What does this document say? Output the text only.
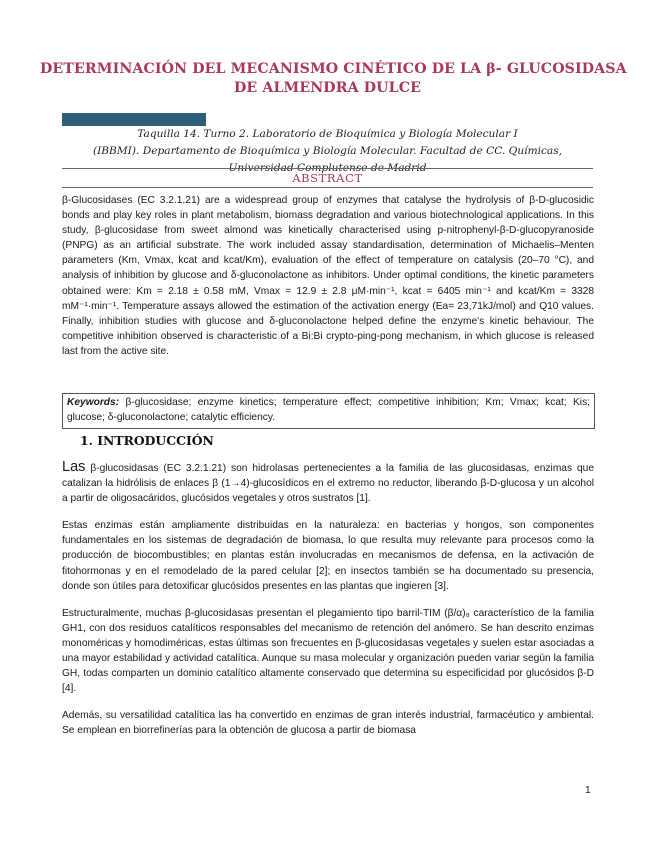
DETERMINACIÓN DEL MECANISMO CINÉTICO DE LA β- GLUCOSIDASA
DE ALMENDRA DULCE
Taquilla 14. Turno 2. Laboratorio de Bioquímica y Biología Molecular I
(IBBMI). Departamento de Bioquímica y Biología Molecular. Facultad de CC. Químicas,
Universidad Complutense de Madrid
ABSTRACT

β-Glucosidases (EC 3.2.1.21) are a widespread group of enzymes that catalyse the hydrolysis of β-D-glucosidic bonds and play key roles in plant metabolism, biomass degradation and various biotechnological applications. In this study, β-glucosidase from sweet almond was kinetically characterised using p-nitrophenyl-β-D-glucopyranoside (PNPG) as an artificial substrate. The work included assay standardisation, determination of Michaelis–Menten parameters (Km, Vmax, kcat and kcat/Km), evaluation of the effect of temperature on catalysis (20–70 °C), and analysis of inhibition by glucose and δ-gluconolactone as inhibitors. Under optimal conditions, the kinetic parameters obtained were: Km = 2.18 ± 0.58 mM, Vmax = 12.9 ± 2.8 μM·min⁻¹, kcat = 6405 min⁻¹ and kcat/Km = 3328 mM⁻¹·min⁻¹. Temperature assays allowed the estimation of the activation energy (Ea= 23,71kJ/mol) and Q10 values. Finally, inhibition studies with glucose and δ-gluconolactone helped define the enzyme's kinetic behaviour. The competitive inhibition observed is characteristic of a Bi:Bi crypto-ping-pong mechanism, in which glucose is released last from the active site.

Keywords: β-glucosidase; enzyme kinetics; temperature effect; competitive inhibition; Km; Vmax; kcat; Kis; glucose; δ-gluconolactone; catalytic efficiency.
1. INTRODUCCIÓN

Las β-glucosidasas (EC 3.2.1.21) son hidrolasas pertenecientes a la familia de las glucosidasas, enzimas que catalizan la hidrólisis de enlaces β (1→4)-glucosídicos en el extremo no reductor, liberando β-D-glucosa y un alcohol a partir de oligosacáridos, glucósidos vegetales y otros sustratos [1].

Estas enzimas están ampliamente distribuidas en la naturaleza: en bacterias y hongos, son componentes fundamentales en los sistemas de degradación de biomasa, lo que resulta muy relevante para procesos como la producción de biocombustibles; en plantas están involucradas en mecanismos de defensa, en la activación de fitohormonas y en el remodelado de la pared celular [2]; en insectos también se ha documentado su presencia, donde son útiles para detoxificar glucósidos presentes en las plantas que ingieren [3].

Estructuralmente, muchas β-glucosidasas presentan el plegamiento tipo barril-TIM (β/α)₈ característico de la familia GH1, con dos residuos catalíticos responsables del mecanismo de retención del anómero. Se han descrito enzimas monoméricas y homodiméricas, estas últimas son frecuentes en β-glucosidasas vegetales y suelen estar asociadas a una mayor estabilidad y actividad catalítica. Aunque su masa molecular y organización pueden variar según la familia GH, todas comparten un dominio catalítico altamente conservado que determina su especificidad por glucósidos β-D [4].

Además, su versatilidad catalítica las ha convertido en enzimas de gran interés industrial, farmacéutico y ambiental. Se emplean en biorrefinerías para la obtención de glucosa a partir de biomasa

1
